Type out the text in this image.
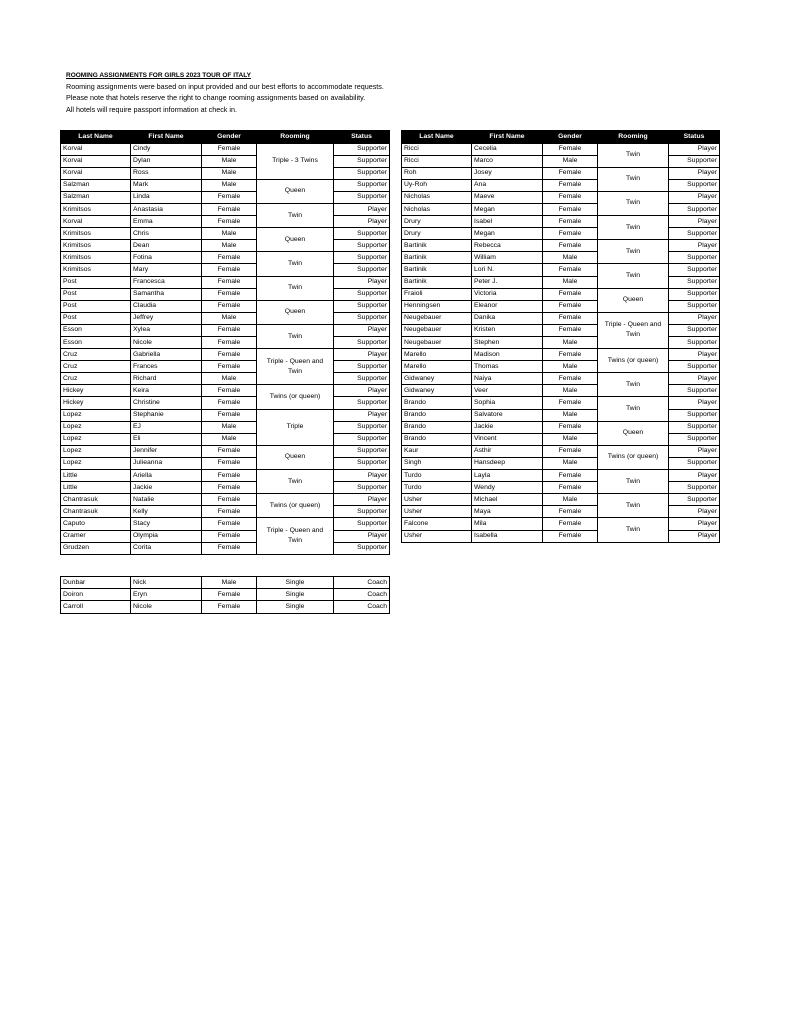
ROOMING ASSIGNMENTS FOR GIRLS 2023 TOUR OF ITALY
Rooming assignments were based on input provided and our best efforts to accommodate requests.
Please note that hotels reserve the right to change rooming assignments based on availability.
All hotels will require passport information at check in.
Last Name	First Name	Gender	Rooming	Status
Korval	Cindy	Female	Triple - 3 Twins	Supporter
Korval	Dylan	Male		Supporter
Korval	Ross	Male		Supporter
Salzman	Mark	Male	Queen	Supporter
Salzman	Linda	Female		Supporter
Krimitsos	Anastasia	Female	Twin	Player
Korval	Emma	Female		Player
Krimitsos	Chris	Male	Queen	Supporter
Krimitsos	Dean	Male		Supporter
Krimitsos	Fotina	Female	Twin	Supporter
Krimitsos	Mary	Female		Supporter
Post	Francesca	Female	Twin	Player
Post	Samantha	Female		Supporter
Post	Claudia	Female	Queen	Supporter
Post	Jeffrey	Male		Supporter
Esson	Xylea	Female	Twin	Player
Esson	Nicole	Female		Supporter
Cruz	Gabriella	Female	Triple - Queen and Twin	Player
Cruz	Frances	Female		Supporter
Cruz	Richard	Male		Supporter
Hickey	Keira	Female	Twins (or queen)	Player
Hickey	Christine	Female		Supporter
Lopez	Stephanie	Female	Triple	Player
Lopez	EJ	Male		Supporter
Lopez	Eli	Male		Supporter
Lopez	Jennifer	Female	Queen	Supporter
Lopez	Julieanna	Female		Supporter
Little	Ariella	Female	Twin	Player
Little	Jackie	Female		Supporter
Chantrasuk	Natalie	Female	Twins (or queen)	Player
Chantrasuk	Kelly	Female		Supporter
Caputo	Stacy	Female	Triple - Queen and Twin	Supporter
Cramer	Olympia	Female		Player
Grudzen	Corita	Female		Supporter
Last Name	First Name	Gender	Rooming	Status
Ricci	Cecelia	Female	Twin	Player
Ricci	Marco	Male		Supporter
Roh	Josey	Female	Twin	Player
Uy-Roh	Ana	Female		Supporter
Nicholas	Maeve	Female	Twin	Player
Nicholas	Megan	Female		Supporter
Drury	Isabel	Female	Twin	Player
Drury	Megan	Female		Supporter
Bartinik	Rebecca	Female	Twin	Player
Bartinik	William	Male		Supporter
Bartinik	Lori N.	Female	Twin	Supporter
Bartinik	Peter J.	Male		Supporter
Fraioli	Victoria	Female	Queen	Supporter
Henningsen	Eleanor	Female		Supporter
Neugebauer	Danika	Female	Triple - Queen and Twin	Player
Neugebauer	Kristen	Female		Supporter
Neugebauer	Stephen	Male		Supporter
Marello	Madison	Female	Twins (or queen)	Player
Marello	Thomas	Male		Supporter
Gidwaney	Naiya	Female	Twin	Player
Gidwaney	Veer	Male		Supporter
Brando	Sophia	Female	Twin	Player
Brando	Salvatore	Male		Supporter
Brando	Jackie	Female	Queen	Supporter
Brando	Vincent	Male		Supporter
Kaur	Asthir	Female	Twins (or queen)	Player
Singh	Hansdeep	Male		Supporter
Turdo	Layla	Female	Twin	Player
Turdo	Wendy	Female		Supporter
Usher	Michael	Male	Twin	Supporter
Usher	Maya	Female		Player
Falcone	Mila	Female	Twin	Player
Usher	Isabella	Female		Player
Dunbar	Nick	Male	Single	Coach
Doiron	Eryn	Female	Single	Coach
Carroll	Nicole	Female	Single	Coach
